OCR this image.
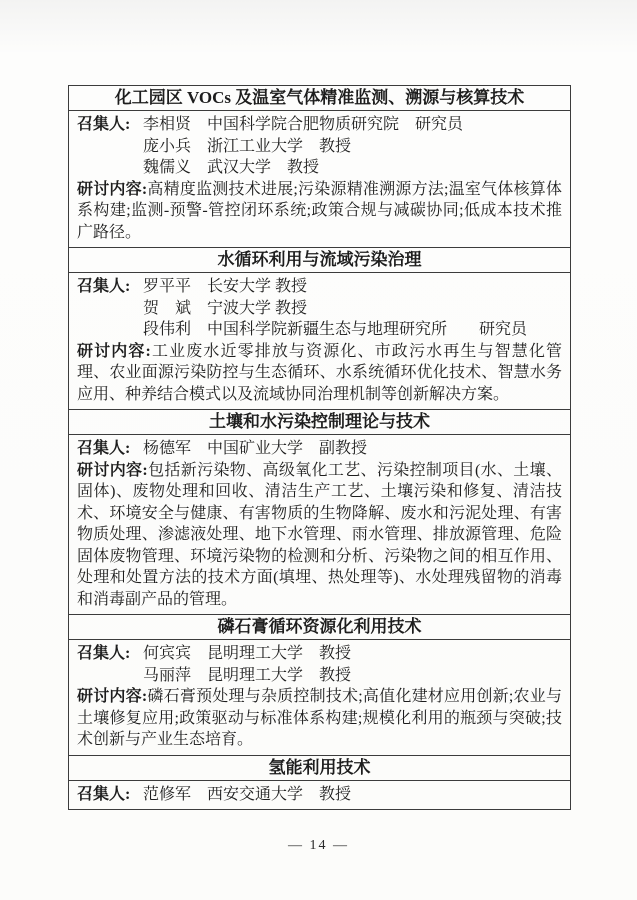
化工园区 VOCs 及温室气体精准监测、溯源与核算技术
召集人: 李相贤　中国科学院合肥物质研究院　研究员
庞小兵　浙江工业大学　教授
魏儒义　武汉大学　教授

研讨内容:高精度监测技术进展;污染源精准溯源方法;温室气体核算体系构建;监测-预警-管控闭环系统;政策合规与减碳协同;低成本技术推广路径。

水循环利用与流域污染治理
召集人: 罗平平　长安大学 教授
贺　斌　宁波大学 教授
段伟利　中国科学院新疆生态与地理研究所　　研究员

研讨内容:工业废水近零排放与资源化、市政污水再生与智慧化管理、农业面源污染防控与生态循环、水系统循环优化技术、智慧水务应用、种养结合模式以及流域协同治理机制等创新解决方案。

土壤和水污染控制理论与技术
召集人: 杨德军　中国矿业大学　副教授

研讨内容:包括新污染物、高级氧化工艺、污染控制项目(水、土壤、固体)、废物处理和回收、清洁生产工艺、土壤污染和修复、清洁技术、环境安全与健康、有害物质的生物降解、废水和污泥处理、有害物质处理、渗滤液处理、地下水管理、雨水管理、排放源管理、危险固体废物管理、环境污染物的检测和分析、污染物之间的相互作用、处理和处置方法的技术方面(填埋、热处理等)、水处理残留物的消毒和消毒副产品的管理。

磷石膏循环资源化利用技术
召集人: 何宾宾　昆明理工大学　教授
马丽萍　昆明理工大学　教授

研讨内容:磷石膏预处理与杂质控制技术;高值化建材应用创新;农业与土壤修复应用;政策驱动与标准体系构建;规模化利用的瓶颈与突破;技术创新与产业生态培育。

氢能利用技术
召集人: 范修军　西安交通大学　教授
— 14 —
